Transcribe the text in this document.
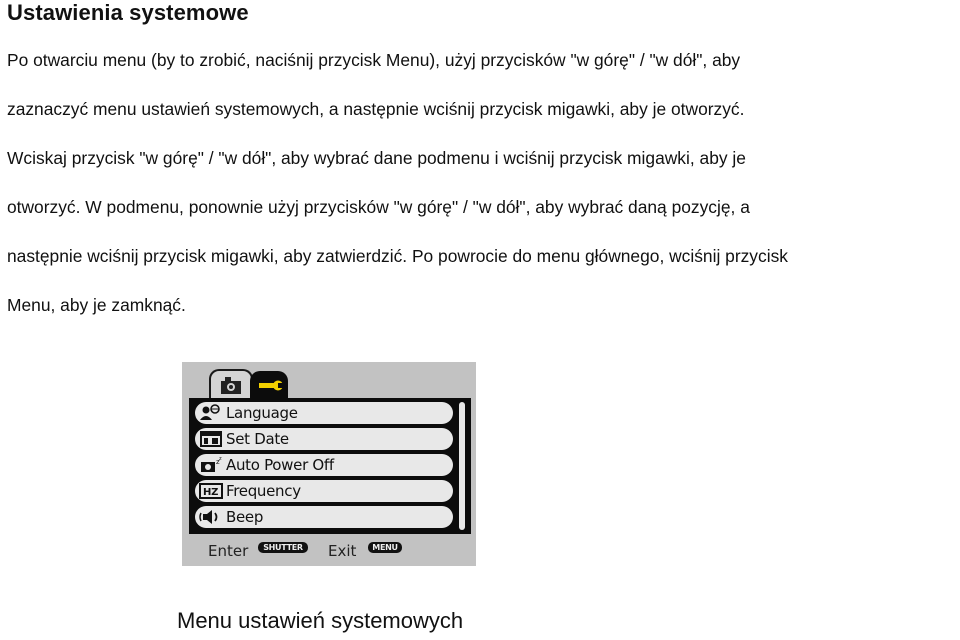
Ustawienia systemowe
Po otwarciu menu (by to zrobić, naciśnij przycisk Menu), użyj przycisków "w górę" / "w dół", aby
zaznaczyć menu ustawień systemowych, a następnie wciśnij przycisk migawki, aby je otworzyć.
Wciskaj przycisk "w górę" / "w dół", aby wybrać dane podmenu i wciśnij przycisk migawki, aby je
otworzyć. W podmenu, ponownie użyj przycisków "w górę" / "w dół", aby wybrać daną pozycję, a
następnie wciśnij przycisk migawki, aby zatwierdzić. Po powrocie do menu głównego, wciśnij przycisk
Menu, aby je zamknąć.
Language
Set Date
z z Auto Power Off
HZ Frequency
Beep
Enter	SHUTTER	Exit	MENU
Menu ustawień systemowych
